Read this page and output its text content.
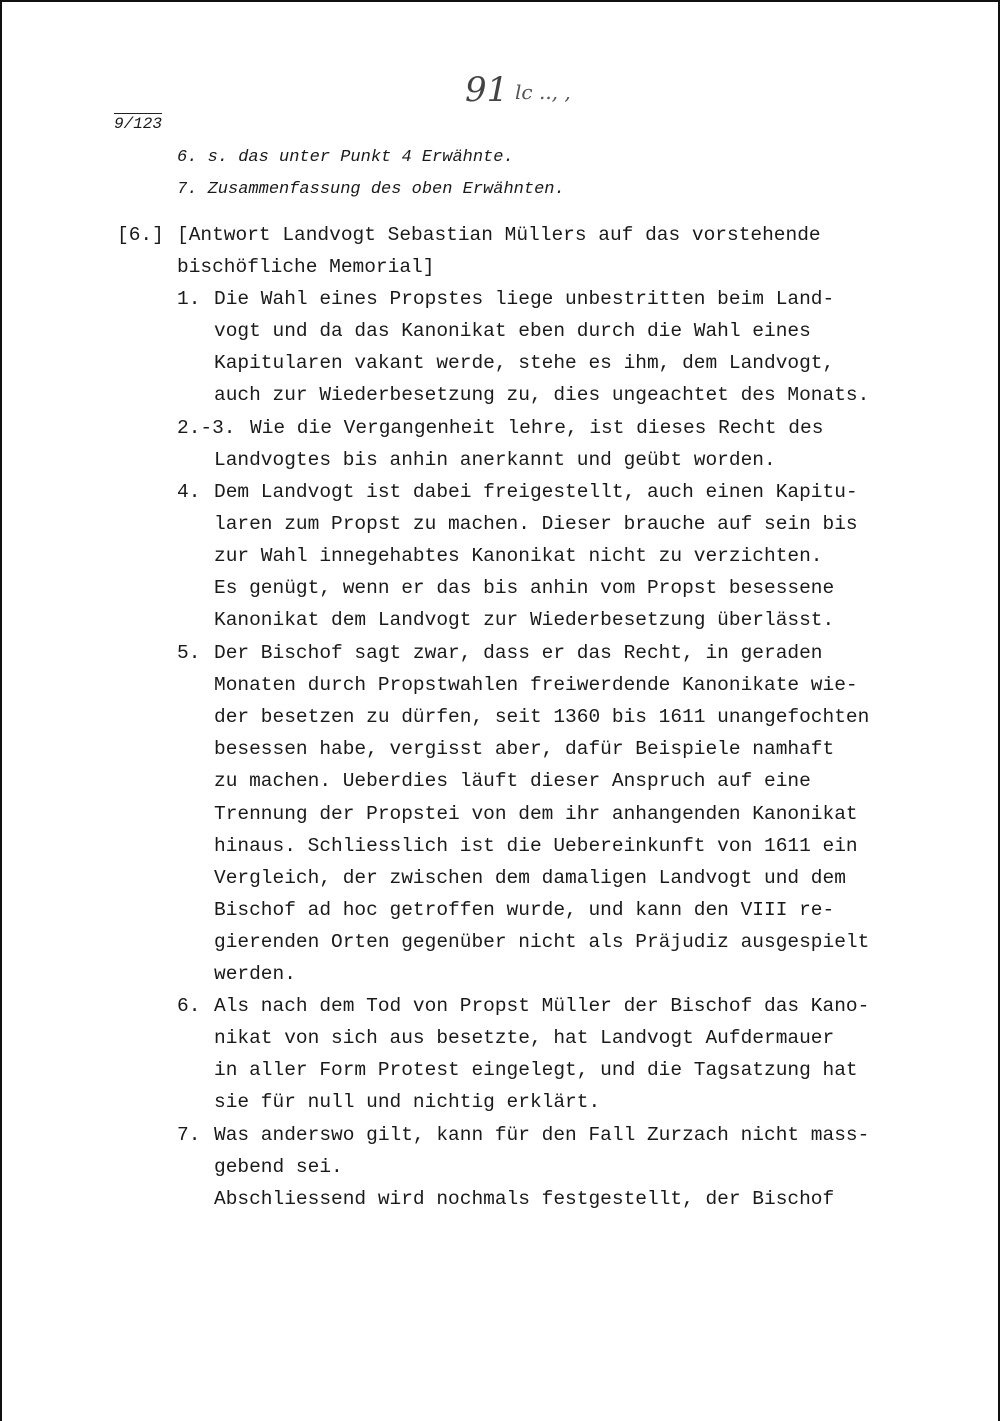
91 lc .., ,
9/123
6. s. das unter Punkt 4 Erwähnte.
7. Zusammenfassung des oben Erwähnten.
[6.] [Antwort Landvogt Sebastian Müllers auf das vorstehende
bischöfliche Memorial]
1. Die Wahl eines Propstes liege unbestritten beim Land-
vogt und da das Kanonikat eben durch die Wahl eines
Kapitularen vakant werde, stehe es ihm, dem Landvogt,
auch zur Wiederbesetzung zu, dies ungeachtet des Monats.
2.-3. Wie die Vergangenheit lehre, ist dieses Recht des
Landvogtes bis anhin anerkannt und geübt worden.
4. Dem Landvogt ist dabei freigestellt, auch einen Kapitu-
laren zum Propst zu machen. Dieser brauche auf sein bis
zur Wahl innegehabtes Kanonikat nicht zu verzichten.
Es genügt, wenn er das bis anhin vom Propst besessene
Kanonikat dem Landvogt zur Wiederbesetzung überlässt.
5. Der Bischof sagt zwar, dass er das Recht, in geraden
Monaten durch Propstwahlen freiwerdende Kanonikate wie-
der besetzen zu dürfen, seit 1360 bis 1611 unangefochten
besessen habe, vergisst aber, dafür Beispiele namhaft
zu machen. Ueberdies läuft dieser Anspruch auf eine
Trennung der Propstei von dem ihr anhangenden Kanonikat
hinaus. Schliesslich ist die Uebereinkunft von 1611 ein
Vergleich, der zwischen dem damaligen Landvogt und dem
Bischof ad hoc getroffen wurde, und kann den VIII re-
gierenden Orten gegenüber nicht als Präjudiz ausgespielt
werden.
6. Als nach dem Tod von Propst Müller der Bischof das Kano-
nikat von sich aus besetzte, hat Landvogt Aufdermauer
in aller Form Protest eingelegt, und die Tagsatzung hat
sie für null und nichtig erklärt.
7. Was anderswo gilt, kann für den Fall Zurzach nicht mass-
gebend sei.
Abschliessend wird nochmals festgestellt, der Bischof
